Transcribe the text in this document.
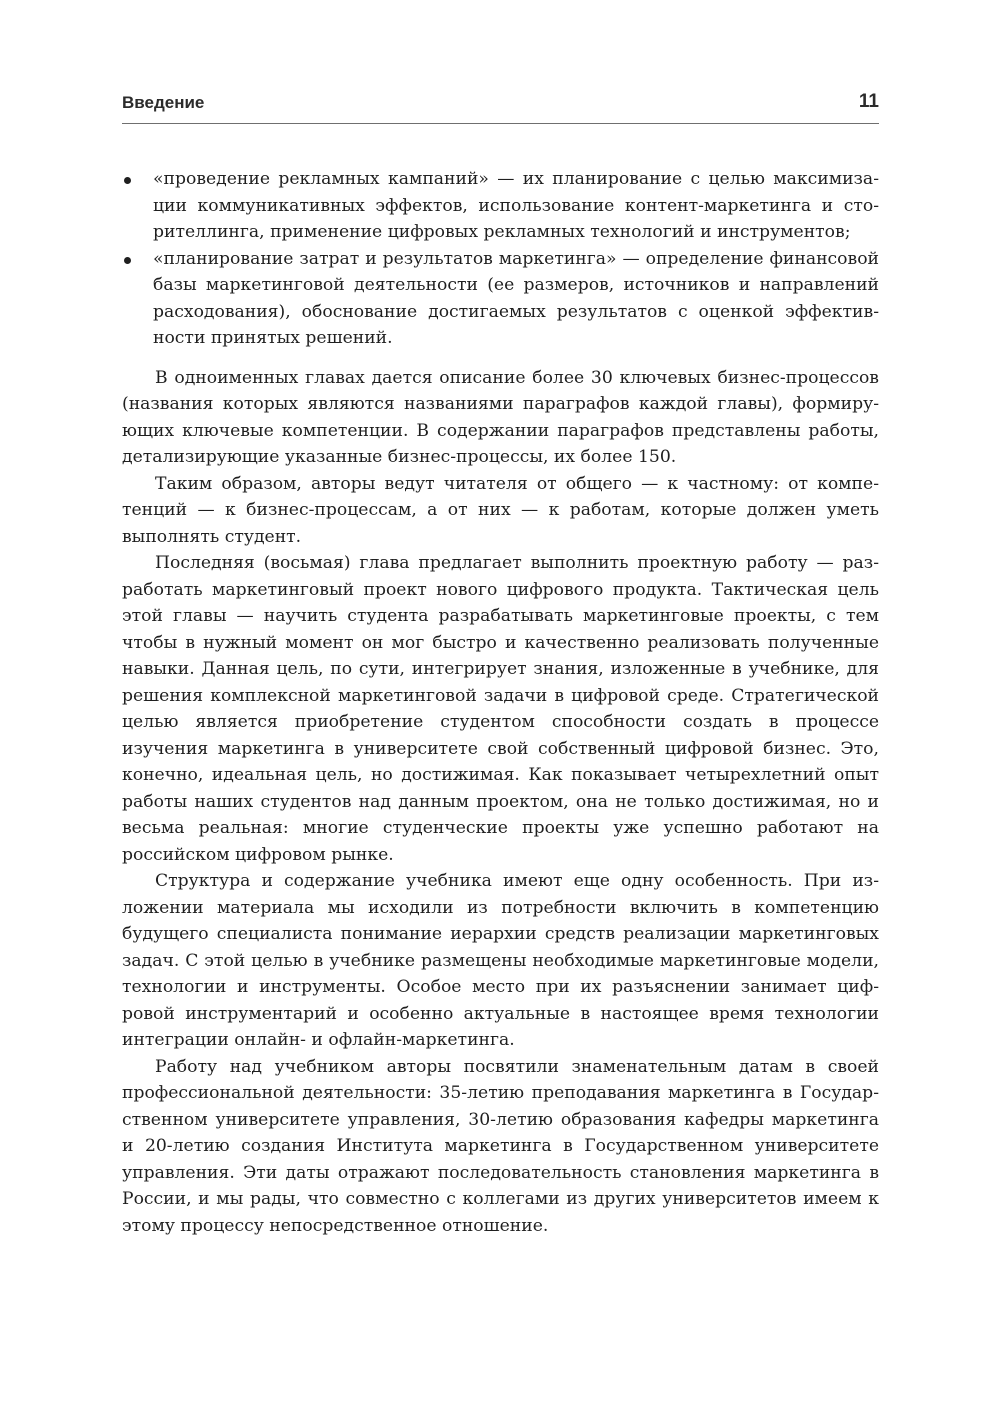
Введение	11
«проведение рекламных кампаний» — их планирование с целью максимизации коммуникативных эффектов, использование контент-маркетинга и сторителлинга, применение цифровых рекламных технологий и инструментов;
«планирование затрат и результатов маркетинга» — определение финансовой базы маркетинговой деятельности (ее размеров, источников и направлений расходования), обоснование достигаемых результатов с оценкой эффективности принятых решений.

В одноименных главах дается описание более 30 ключевых бизнес-процессов (названия которых являются названиями параграфов каждой главы), формирующих ключевые компетенции. В содержании параграфов представлены работы, детализирующие указанные бизнес-процессы, их более 150.

Таким образом, авторы ведут читателя от общего — к частному: от компетенций — к бизнес-процессам, а от них — к работам, которые должен уметь выполнять студент.

Последняя (восьмая) глава предлагает выполнить проектную работу — разработать маркетинговый проект нового цифрового продукта. Тактическая цель этой главы — научить студента разрабатывать маркетинговые проекты, с тем чтобы в нужный момент он мог быстро и качественно реализовать полученные навыки. Данная цель, по сути, интегрирует знания, изложенные в учебнике, для решения комплексной маркетинговой задачи в цифровой среде. Стратегической целью является приобретение студентом способности создать в процессе изучения маркетинга в университете свой собственный цифровой бизнес. Это, конечно, идеальная цель, но достижимая. Как показывает четырехлетний опыт работы наших студентов над данным проектом, она не только достижимая, но и весьма реальная: многие студенческие проекты уже успешно работают на российском цифровом рынке.

Структура и содержание учебника имеют еще одну особенность. При изложении материала мы исходили из потребности включить в компетенцию будущего специалиста понимание иерархии средств реализации маркетинговых задач. С этой целью в учебнике размещены необходимые маркетинговые модели, технологии и инструменты. Особое место при их разъяснении занимает цифровой инструментарий и особенно актуальные в настоящее время технологии интеграции онлайн- и офлайн-маркетинга.

Работу над учебником авторы посвятили знаменательным датам в своей профессиональной деятельности: 35-летию преподавания маркетинга в Государственном университете управления, 30-летию образования кафедры маркетинга и 20-летию создания Института маркетинга в Государственном университете управления. Эти даты отражают последовательность становления маркетинга в России, и мы рады, что совместно с коллегами из других университетов имеем к этому процессу непосредственное отношение.
